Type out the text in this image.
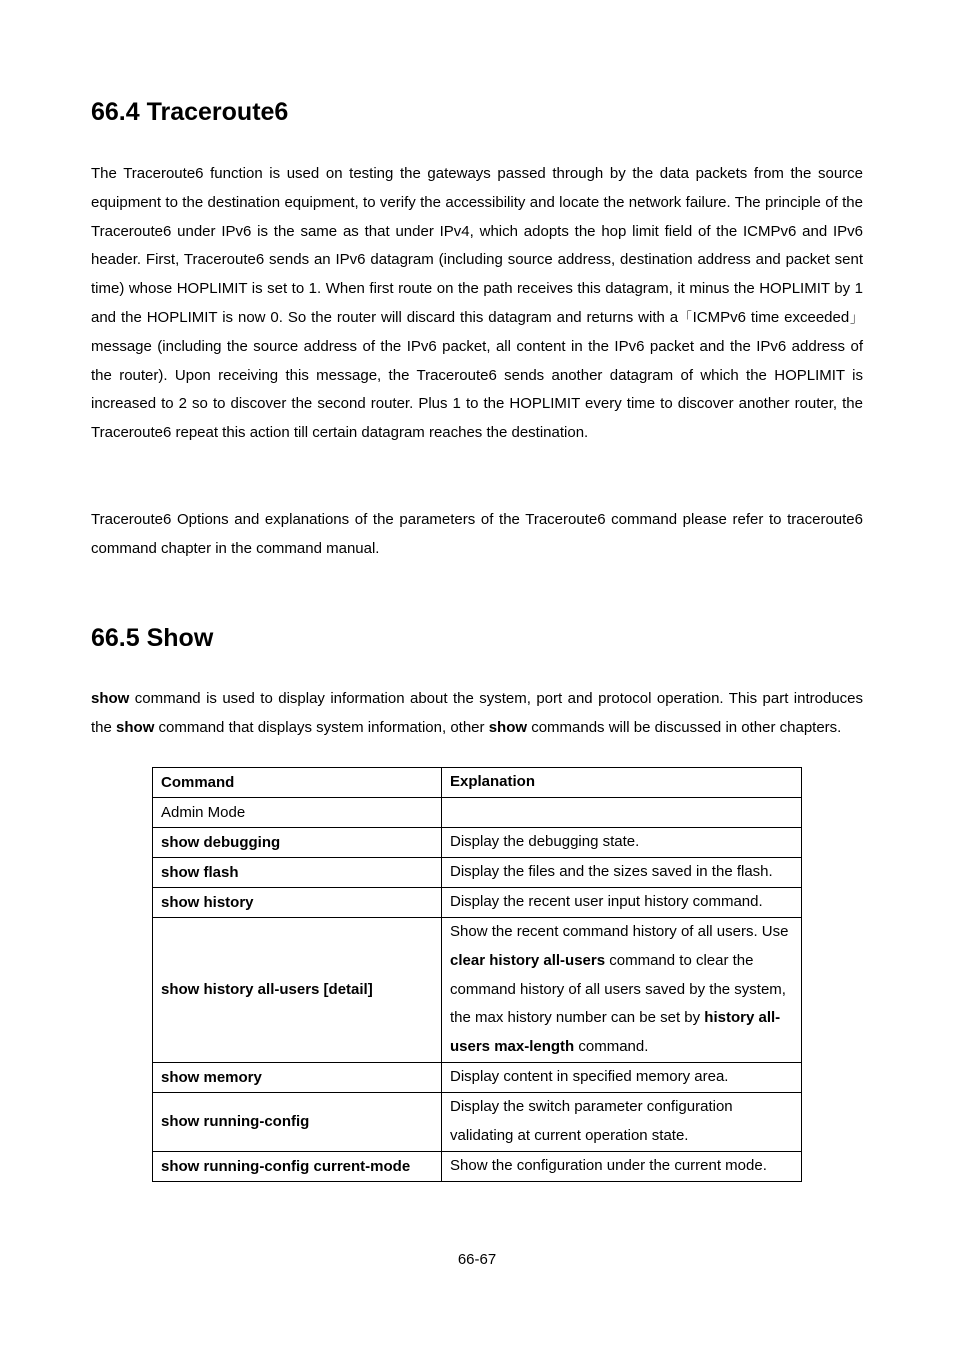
66.4 Traceroute6

The Traceroute6 function is used on testing the gateways passed through by the data packets from the source equipment to the destination equipment, to verify the accessibility and locate the network failure. The principle of the Traceroute6 under IPv6 is the same as that under IPv4, which adopts the hop limit field of the ICMPv6 and IPv6 header. First, Traceroute6 sends an IPv6 datagram (including source address, destination address and packet sent time) whose HOPLIMIT is set to 1. When first route on the path receives this datagram, it minus the HOPLIMIT by 1 and the HOPLIMIT is now 0. So the router will discard this datagram and returns with a「ICMPv6 time exceeded」 message (including the source address of the IPv6 packet, all content in the IPv6 packet and the IPv6 address of the router). Upon receiving this message, the Traceroute6 sends another datagram of which the HOPLIMIT is increased to 2 so to discover the second router. Plus 1 to the HOPLIMIT every time to discover another router, the Traceroute6 repeat this action till certain datagram reaches the destination.

Traceroute6 Options and explanations of the parameters of the Traceroute6 command please refer to traceroute6 command chapter in the command manual.

66.5 Show

show command is used to display information about the system, port and protocol operation. This part introduces the show command that displays system information, other show commands will be discussed in other chapters.

Command	Explanation
Admin Mode	
show debugging	Display the debugging state.
show flash	Display the files and the sizes saved in the flash.
show history	Display the recent user input history command.
show history all-users [detail]	Show the recent command history of all users. Use clear history all-users command to clear the command history of all users saved by the system, the max history number can be set by history all-users max-length command.
show memory	Display content in specified memory area.
show running-config	Display the switch parameter configuration validating at current operation state.
show running-config current-mode	Show the configuration under the current mode.
66-67
